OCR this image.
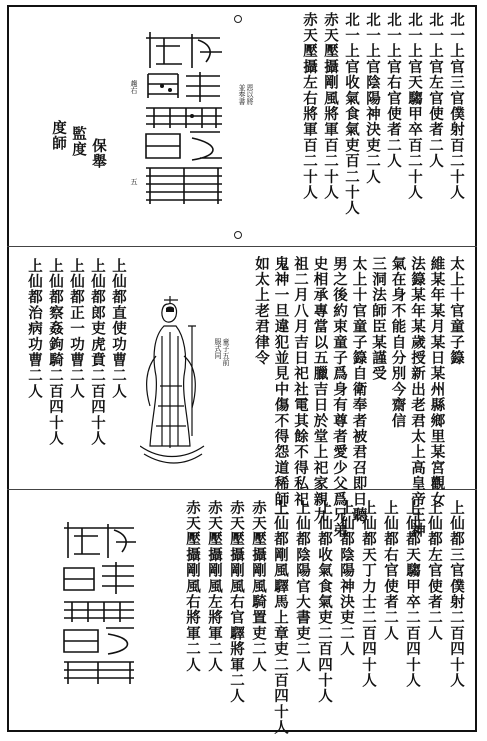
北一上官三官僕射百二十人
北一上官左官使者二人
北一上官天騶甲卒百二十人
北一上官右官使者二人
北一上官陰陽神決吏二人
北一上官收氣食氣吏百二十人
赤天壓攝剛風將軍百二十人
赤天壓攝左右將軍百二十人
恩以將
並奏書
趨右
五
保舉
監度
度師
太上十官童子籙
維某年某月某日某州縣鄉里某宮觀女
法籙某年某歲授新出老君太上高皇帝王神
氣在身不能自分別今齋信
三洞法師臣某謹受
太上十官童子籙自衛奉者被君召即日聽
男之後約束童子爲身有尊者愛少父爲兄弟
史相承專當以五臘吉日於堂上祀家親九
祖二月八月吉日祀社電其餘不得私祀
鬼神一旦違犯並見中傷不得怨道稀師一
如太上老君律令
童子五前
服式同
上仙都直使功曹二人
上仙都郎吏虎賁二百四十人
上仙都正一功曹二人
上仙都察姦鉤騎二百四十人
上仙都治病功曹二人
上仙都三官僕射二百四十人
上仙都左官使者二人
上仙都天騶甲卒二百四十人
上仙都右官使者二人
上仙都天丁力士二百四十人
上仙都陰陽神決吏二人
上仙都收氣食氣吏二百四十人
上仙都陰陽官大書吏二人
上仙都剛風驛馬上章吏二百四十人
赤天壓攝剛風騎置吏二人
赤天壓攝剛風右官驛將軍二人
赤天壓攝剛風左將軍二人
赤天壓攝剛風右將軍二人
